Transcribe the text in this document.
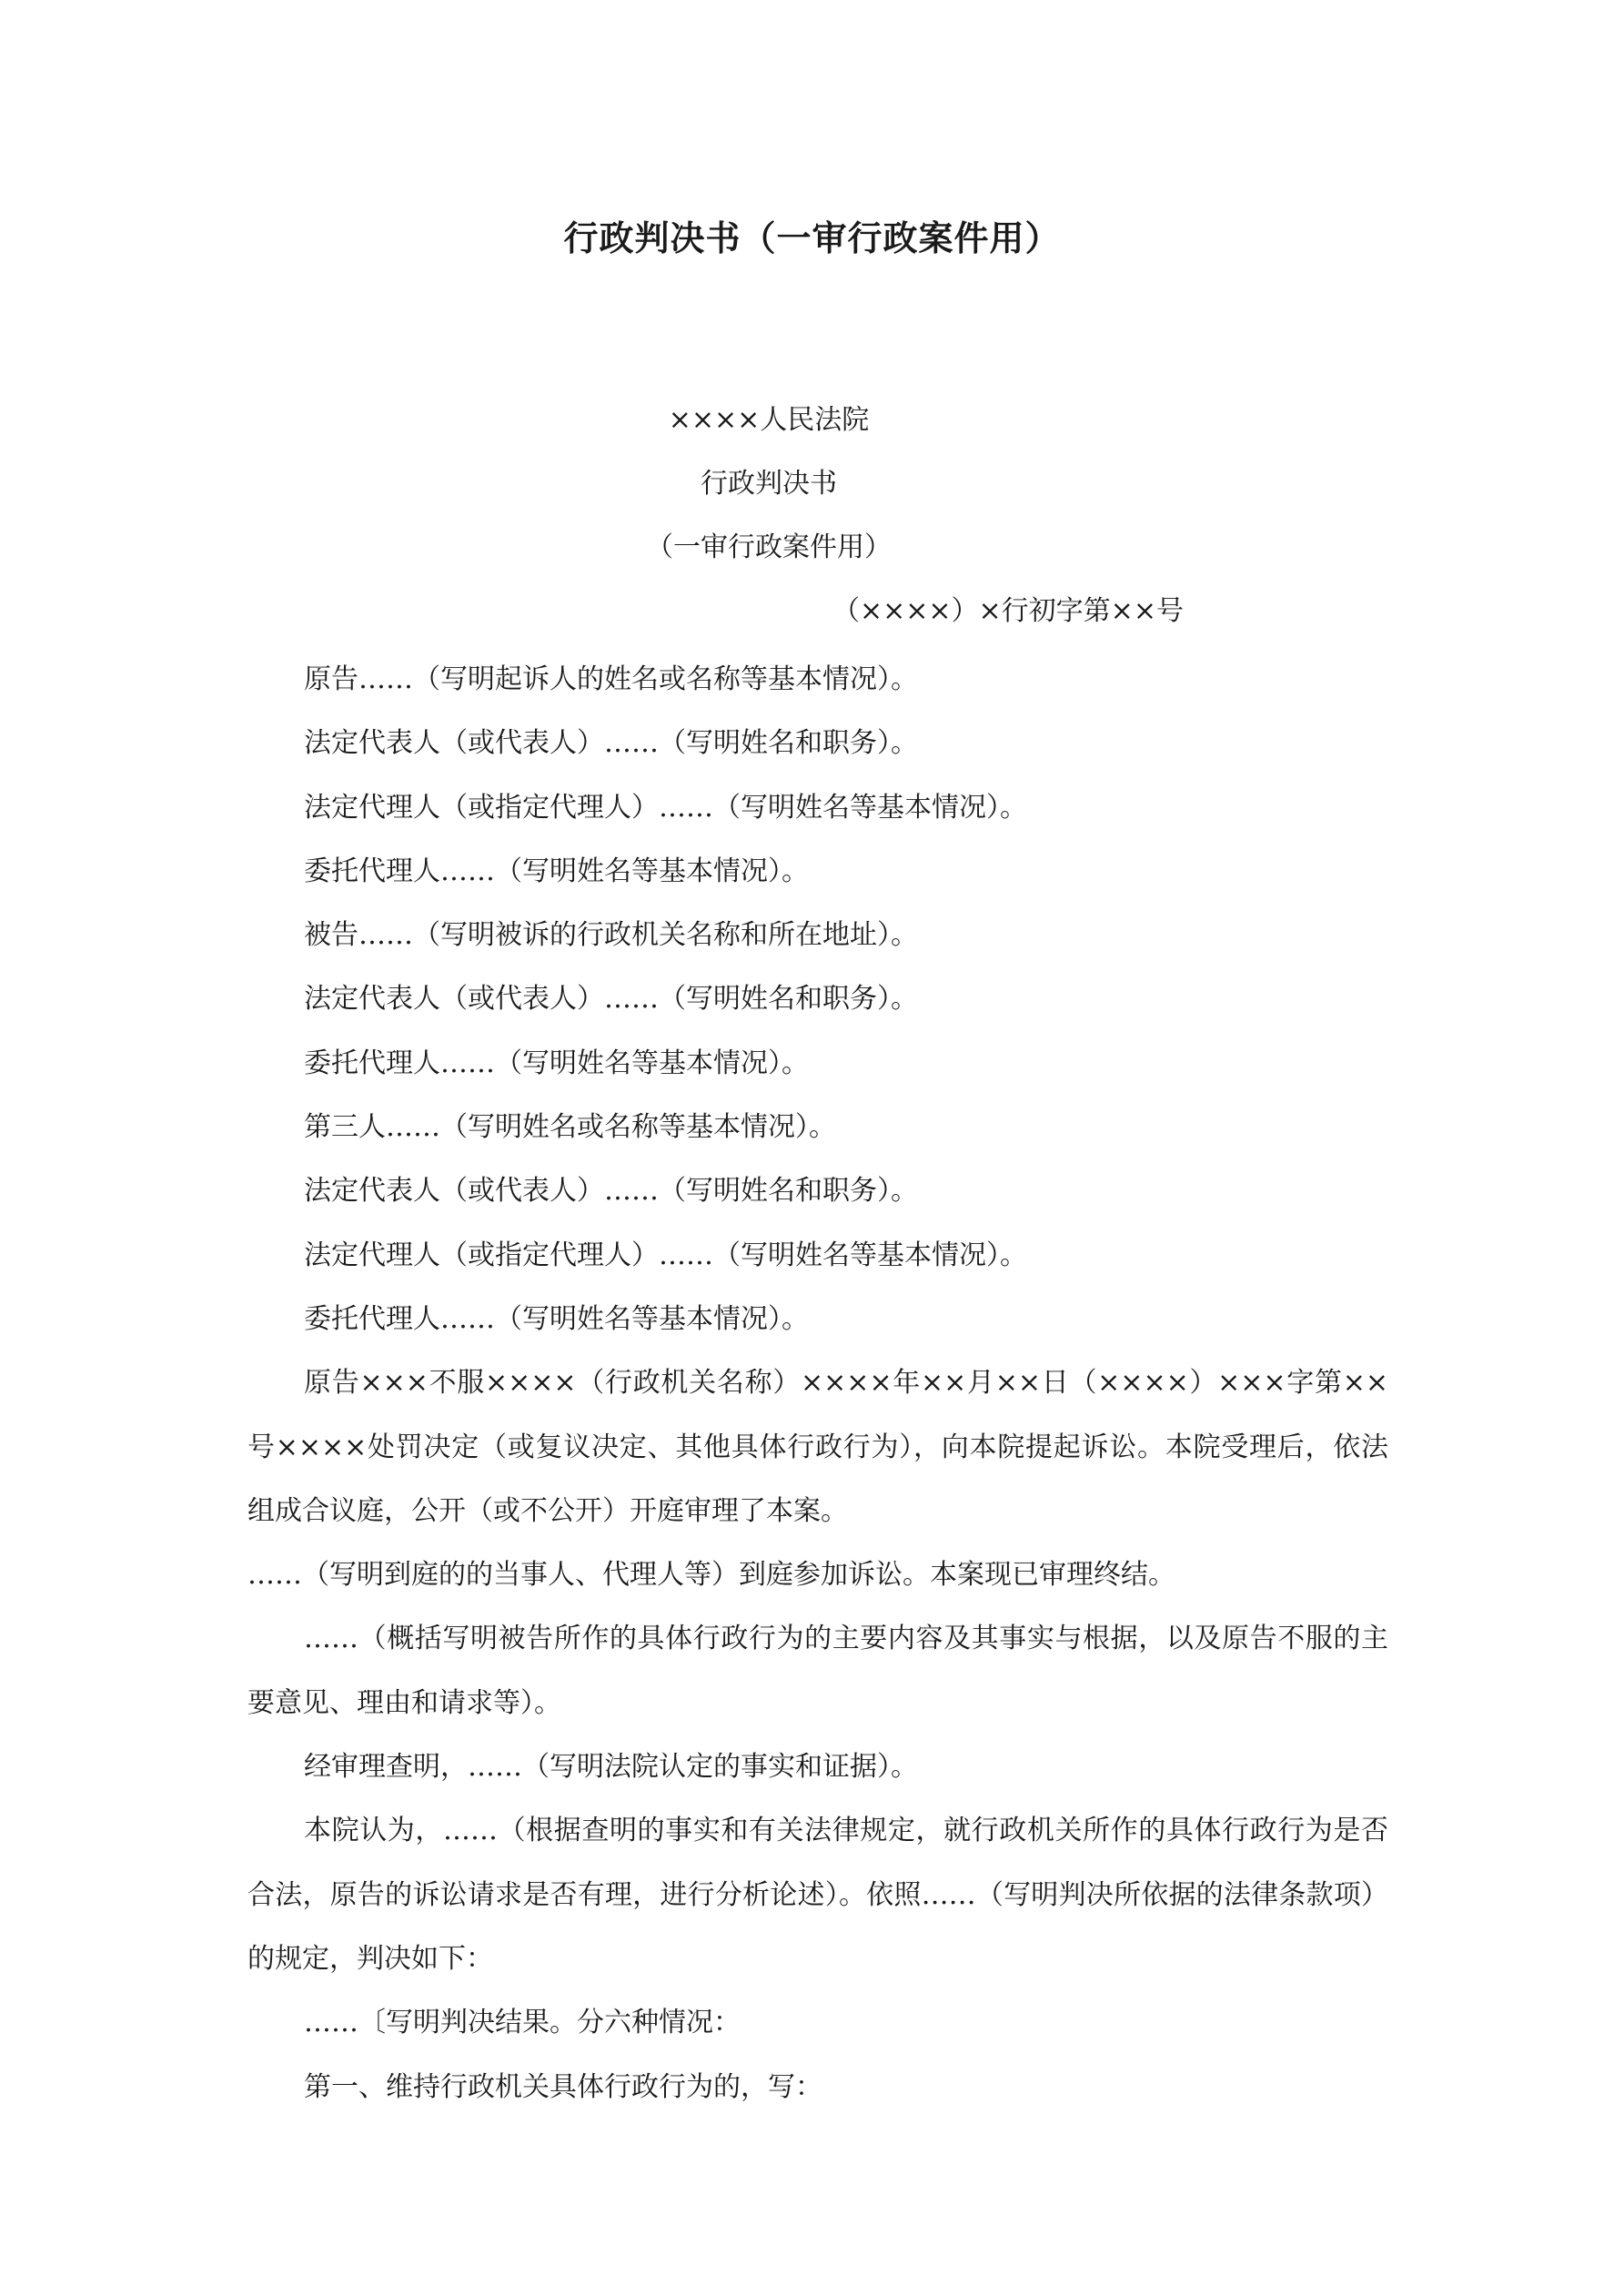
行政判决书（一审行政案件用）
××××人民法院
行政判决书
（一审行政案件用）
（××××）×行初字第××号

原告……（写明起诉人的姓名或名称等基本情况）。

法定代表人（或代表人）……（写明姓名和职务）。

法定代理人（或指定代理人）……（写明姓名等基本情况）。

委托代理人……（写明姓名等基本情况）。

被告……（写明被诉的行政机关名称和所在地址）。

法定代表人（或代表人）……（写明姓名和职务）。

委托代理人……（写明姓名等基本情况）。

第三人……（写明姓名或名称等基本情况）。

法定代表人（或代表人）……（写明姓名和职务）。

法定代理人（或指定代理人）……（写明姓名等基本情况）。

委托代理人……（写明姓名等基本情况）。

原告×××不服××××（行政机关名称）××××年××月××日（××××）×××字第××号××××处罚决定（或复议决定、其他具体行政行为），向本院提起诉讼。本院受理后，依法组成合议庭，公开（或不公开）开庭审理了本案。

……（写明到庭的的当事人、代理人等）到庭参加诉讼。本案现已审理终结。

……（概括写明被告所作的具体行政行为的主要内容及其事实与根据，以及原告不服的主要意见、理由和请求等）。

经审理查明，……（写明法院认定的事实和证据）。

本院认为，……（根据查明的事实和有关法律规定，就行政机关所作的具体行政行为是否合法，原告的诉讼请求是否有理，进行分析论述）。依照……（写明判决所依据的法律条款项）的规定，判决如下：

……〔写明判决结果。分六种情况：

第一、维持行政机关具体行政行为的，写：
